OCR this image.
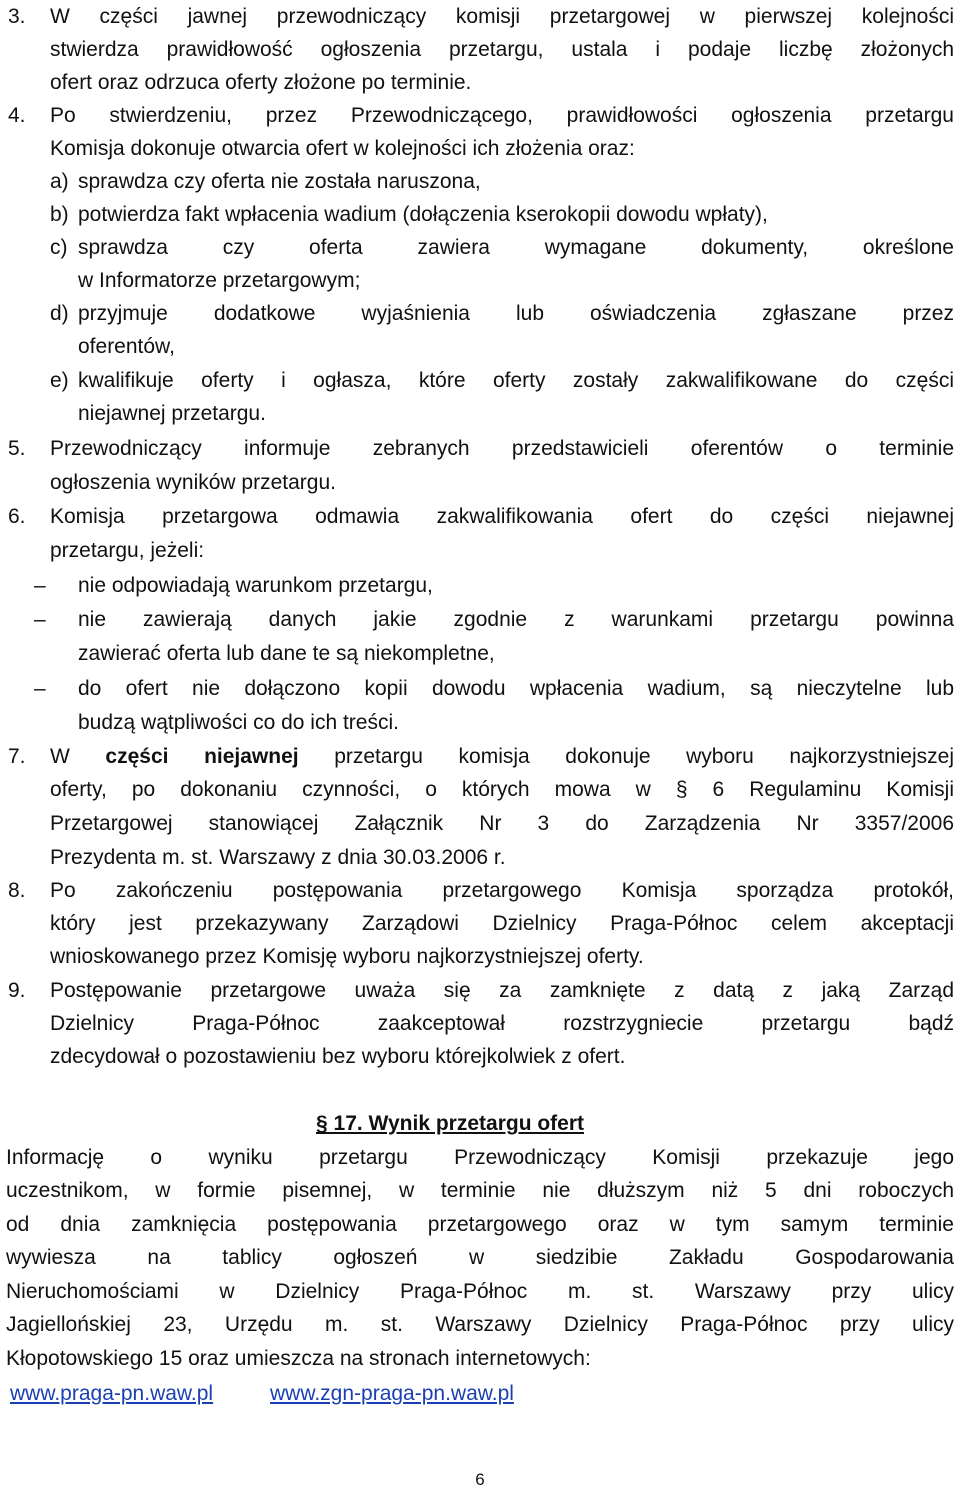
3. W części jawnej przewodniczący komisji przetargowej w pierwszej kolejności
stwierdza prawidłowość ogłoszenia przetargu, ustala i podaje liczbę złożonych
ofert oraz odrzuca oferty złożone po terminie.
4. Po stwierdzeniu, przez Przewodniczącego, prawidłowości ogłoszenia przetargu
Komisja dokonuje otwarcia ofert w kolejności ich złożenia oraz:
a) sprawdza czy oferta nie została naruszona,
b) potwierdza fakt wpłacenia wadium (dołączenia kserokopii dowodu wpłaty),
c) sprawdza czy oferta zawiera wymagane dokumenty, określone
w Informatorze przetargowym;
d) przyjmuje dodatkowe wyjaśnienia lub oświadczenia zgłaszane przez
oferentów,
e) kwalifikuje oferty i ogłasza, które oferty zostały zakwalifikowane do części
niejawnej przetargu.
5. Przewodniczący informuje zebranych przedstawicieli oferentów o terminie
ogłoszenia wyników przetargu.
6. Komisja przetargowa odmawia zakwalifikowania ofert do części niejawnej
przetargu, jeżeli:
– nie odpowiadają warunkom przetargu,
– nie zawierają danych jakie zgodnie z warunkami przetargu powinna
zawierać oferta lub dane te są niekompletne,
– do ofert nie dołączono kopii dowodu wpłacenia wadium, są nieczytelne lub
budzą wątpliwości co do ich treści.
7. W części niejawnej przetargu komisja dokonuje wyboru najkorzystniejszej
oferty, po dokonaniu czynności, o których mowa w § 6 Regulaminu Komisji
Przetargowej stanowiącej Załącznik Nr 3 do Zarządzenia Nr 3357/2006
Prezydenta m. st. Warszawy z dnia 30.03.2006 r.
8. Po zakończeniu postępowania przetargowego Komisja sporządza protokół,
który jest przekazywany Zarządowi Dzielnicy Praga-Północ celem akceptacji
wnioskowanego przez Komisję wyboru najkorzystniejszej oferty.
9. Postępowanie przetargowe uważa się za zamknięte z datą z jaką Zarząd
Dzielnicy Praga-Północ zaakceptował rozstrzygniecie przetargu bądź
zdecydował o pozostawieniu bez wyboru którejkolwiek z ofert.
§ 17. Wynik przetargu ofert
Informację o wyniku przetargu Przewodniczący Komisji przekazuje jego
uczestnikom, w formie pisemnej, w terminie nie dłuższym niż 5 dni roboczych
od dnia zamknięcia postępowania przetargowego oraz w tym samym terminie
wywiesza na tablicy ogłoszeń w siedzibie Zakładu Gospodarowania
Nieruchomościami w Dzielnicy Praga-Północ m. st. Warszawy przy ulicy
Jagiellońskiej 23, Urzędu m. st. Warszawy Dzielnicy Praga-Północ przy ulicy
Kłopotowskiego 15 oraz umieszcza na stronach internetowych:
www.praga-pn.waw.pl	www.zgn-praga-pn.waw.pl
6
